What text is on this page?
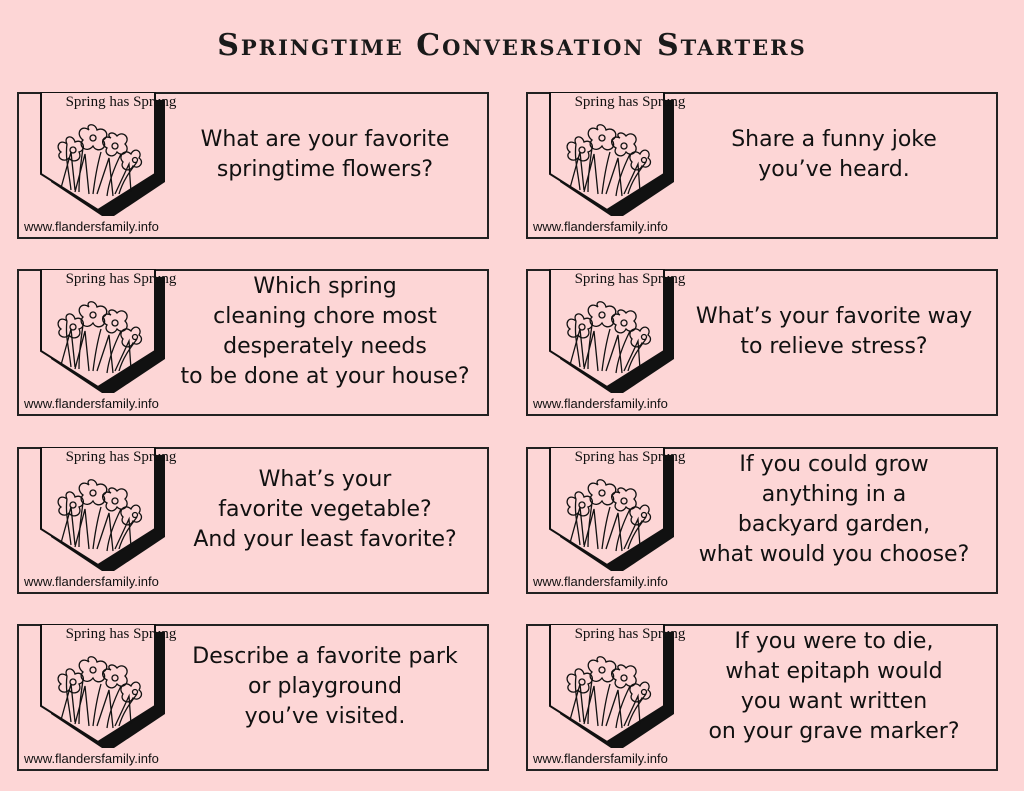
Springtime Conversation Starters
Spring has Sprung
What are your favorite
springtime flowers?
www.flandersfamily.info
Spring has Sprung
Share a funny joke
you’ve heard.
www.flandersfamily.info
Spring has Sprung	Which spring
cleaning chore most
desperately needs
to be done at your house?
www.flandersfamily.info
Spring has Sprung
What’s your favorite way
to relieve stress?
www.flandersfamily.info
Spring has Sprung
What’s your
favorite vegetable?
And your least favorite?
www.flandersfamily.info
Spring has Sprung	If you could grow
anything in a
backyard garden,
what would you choose?
www.flandersfamily.info
Spring has Sprung
Describe a favorite park
or playground
you’ve visited.
www.flandersfamily.info
Spring has Sprung	If you were to die,
what epitaph would
you want written
on your grave marker?
www.flandersfamily.info
